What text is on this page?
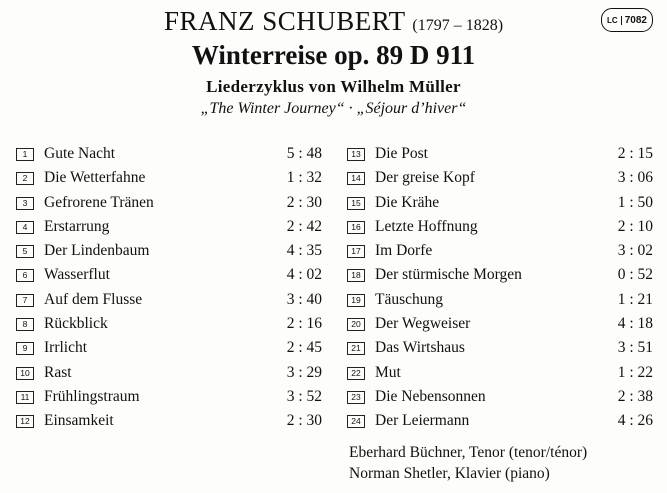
FRANZ SCHUBERT (1797 – 1828)
Winterreise op. 89 D 911
Liederzyklus von Wilhelm Müller
„The Winter Journey“ · „Séjour d’hiver“
LC 7082
1	Gute Nacht	5 : 48
2	Die Wetterfahne	1 : 32
3	Gefrorene Tränen	2 : 30
4	Erstarrung	2 : 42
5	Der Lindenbaum	4 : 35
6	Wasserflut	4 : 02
7	Auf dem Flusse	3 : 40
8	Rückblick	2 : 16
9	Irrlicht	2 : 45
10 Rast	3 : 29
11 Frühlingstraum	3 : 52
12 Einsamkeit	2 : 30
13 Die Post	2 : 15
14 Der greise Kopf	3 : 06
15 Die Krähe	1 : 50
16 Letzte Hoffnung	2 : 10
17 Im Dorfe	3 : 02
18 Der stürmische Morgen	0 : 52
19 Täuschung	1 : 21
20 Der Wegweiser	4 : 18
21 Das Wirtshaus	3 : 51
22 Mut	1 : 22
23 Die Nebensonnen	2 : 38
24 Der Leiermann	4 : 26
Eberhard Büchner, Tenor (tenor/ténor)
Norman Shetler, Klavier (piano)
